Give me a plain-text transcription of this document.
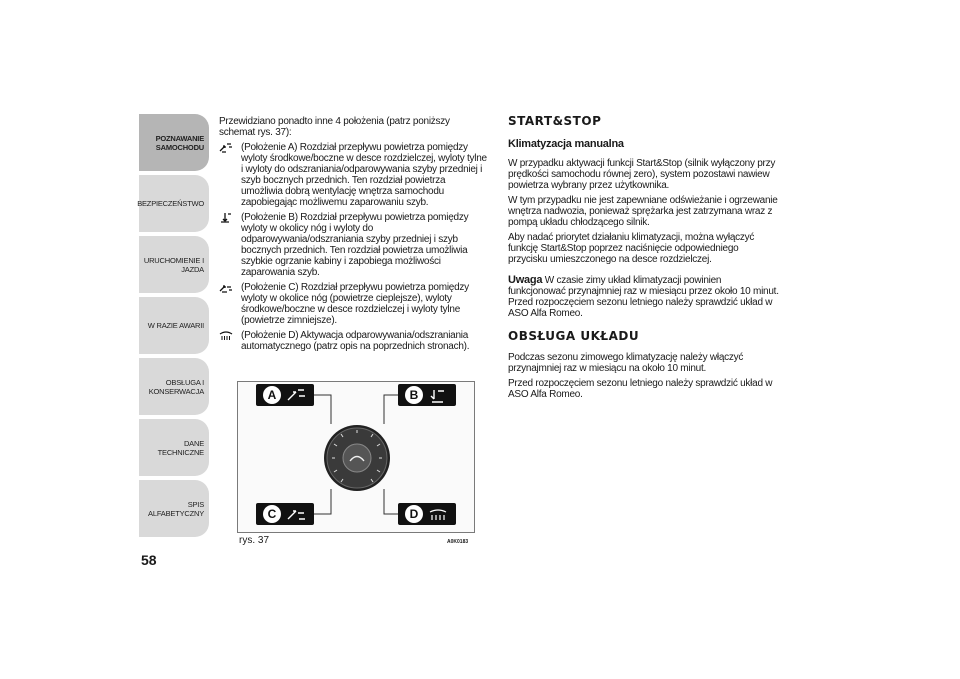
POZNAWANIE
SAMOCHODU
BEZPIECZEŃSTWO
URUCHOMIENIE I
JAZDA
W RAZIE AWARII
OBSŁUGA I
KONSERWACJA
DANE TECHNICZNE
SPIS ALFABETYCZNY
58

Przewidziano ponadto inne 4 położenia (patrz poniższy schemat rys. 37):

(Położenie A) Rozdział przepływu powietrza pomiędzy wyloty środkowe/boczne w desce rozdzielczej, wyloty tylne i wyloty do odszraniania/odparowywania szyby przedniej i szyb bocznych przednich. Ten rozdział powietrza umożliwia dobrą wentylację wnętrza samochodu zapobiegając możliwemu zaparowaniu szyb.
(Położenie B) Rozdział przepływu powietrza pomiędzy wyloty w okolicy nóg i wyloty do odparowywania/odszraniania szyby przedniej i szyb bocznych przednich. Ten rozdział powietrza umożliwia szybkie ogrzanie kabiny i zapobiega możliwości zaparowania szyb.
(Położenie C) Rozdział przepływu powietrza pomiędzy wyloty w okolice nóg (powietrze cieplejsze), wyloty środkowe/boczne w desce rozdzielczej i wyloty tylne (powietrze zimniejsze).
(Położenie D) Aktywacja odparowywania/odszraniania automatycznego (patrz opis na poprzednich stronach).
A	B
C	D
rys. 37	A0K0183
START&STOP
Klimatyzacja manualna

W przypadku aktywacji funkcji Start&Stop (silnik wyłączony przy prędkości samochodu równej zero), system pozostawi nawiew powietrza wybrany przez użytkownika.

W tym przypadku nie jest zapewniane odświeżanie i ogrzewanie wnętrza nadwozia, ponieważ sprężarka jest zatrzymana wraz z pompą układu chłodzącego silnik.

Aby nadać priorytet działaniu klimatyzacji, można wyłączyć funkcję Start&Stop poprzez naciśnięcie odpowiedniego przycisku umieszczonego na desce rozdzielczej.

Uwaga W czasie zimy układ klimatyzacji powinien funkcjonować przynajmniej raz w miesiącu przez około 10 minut. Przed rozpoczęciem sezonu letniego należy sprawdzić układ w ASO Alfa Romeo.

OBSŁUGA UKŁADU

Podczas sezonu zimowego klimatyzację należy włączyć przynajmniej raz w miesiącu na około 10 minut.

Przed rozpoczęciem sezonu letniego należy sprawdzić układ w ASO Alfa Romeo.
